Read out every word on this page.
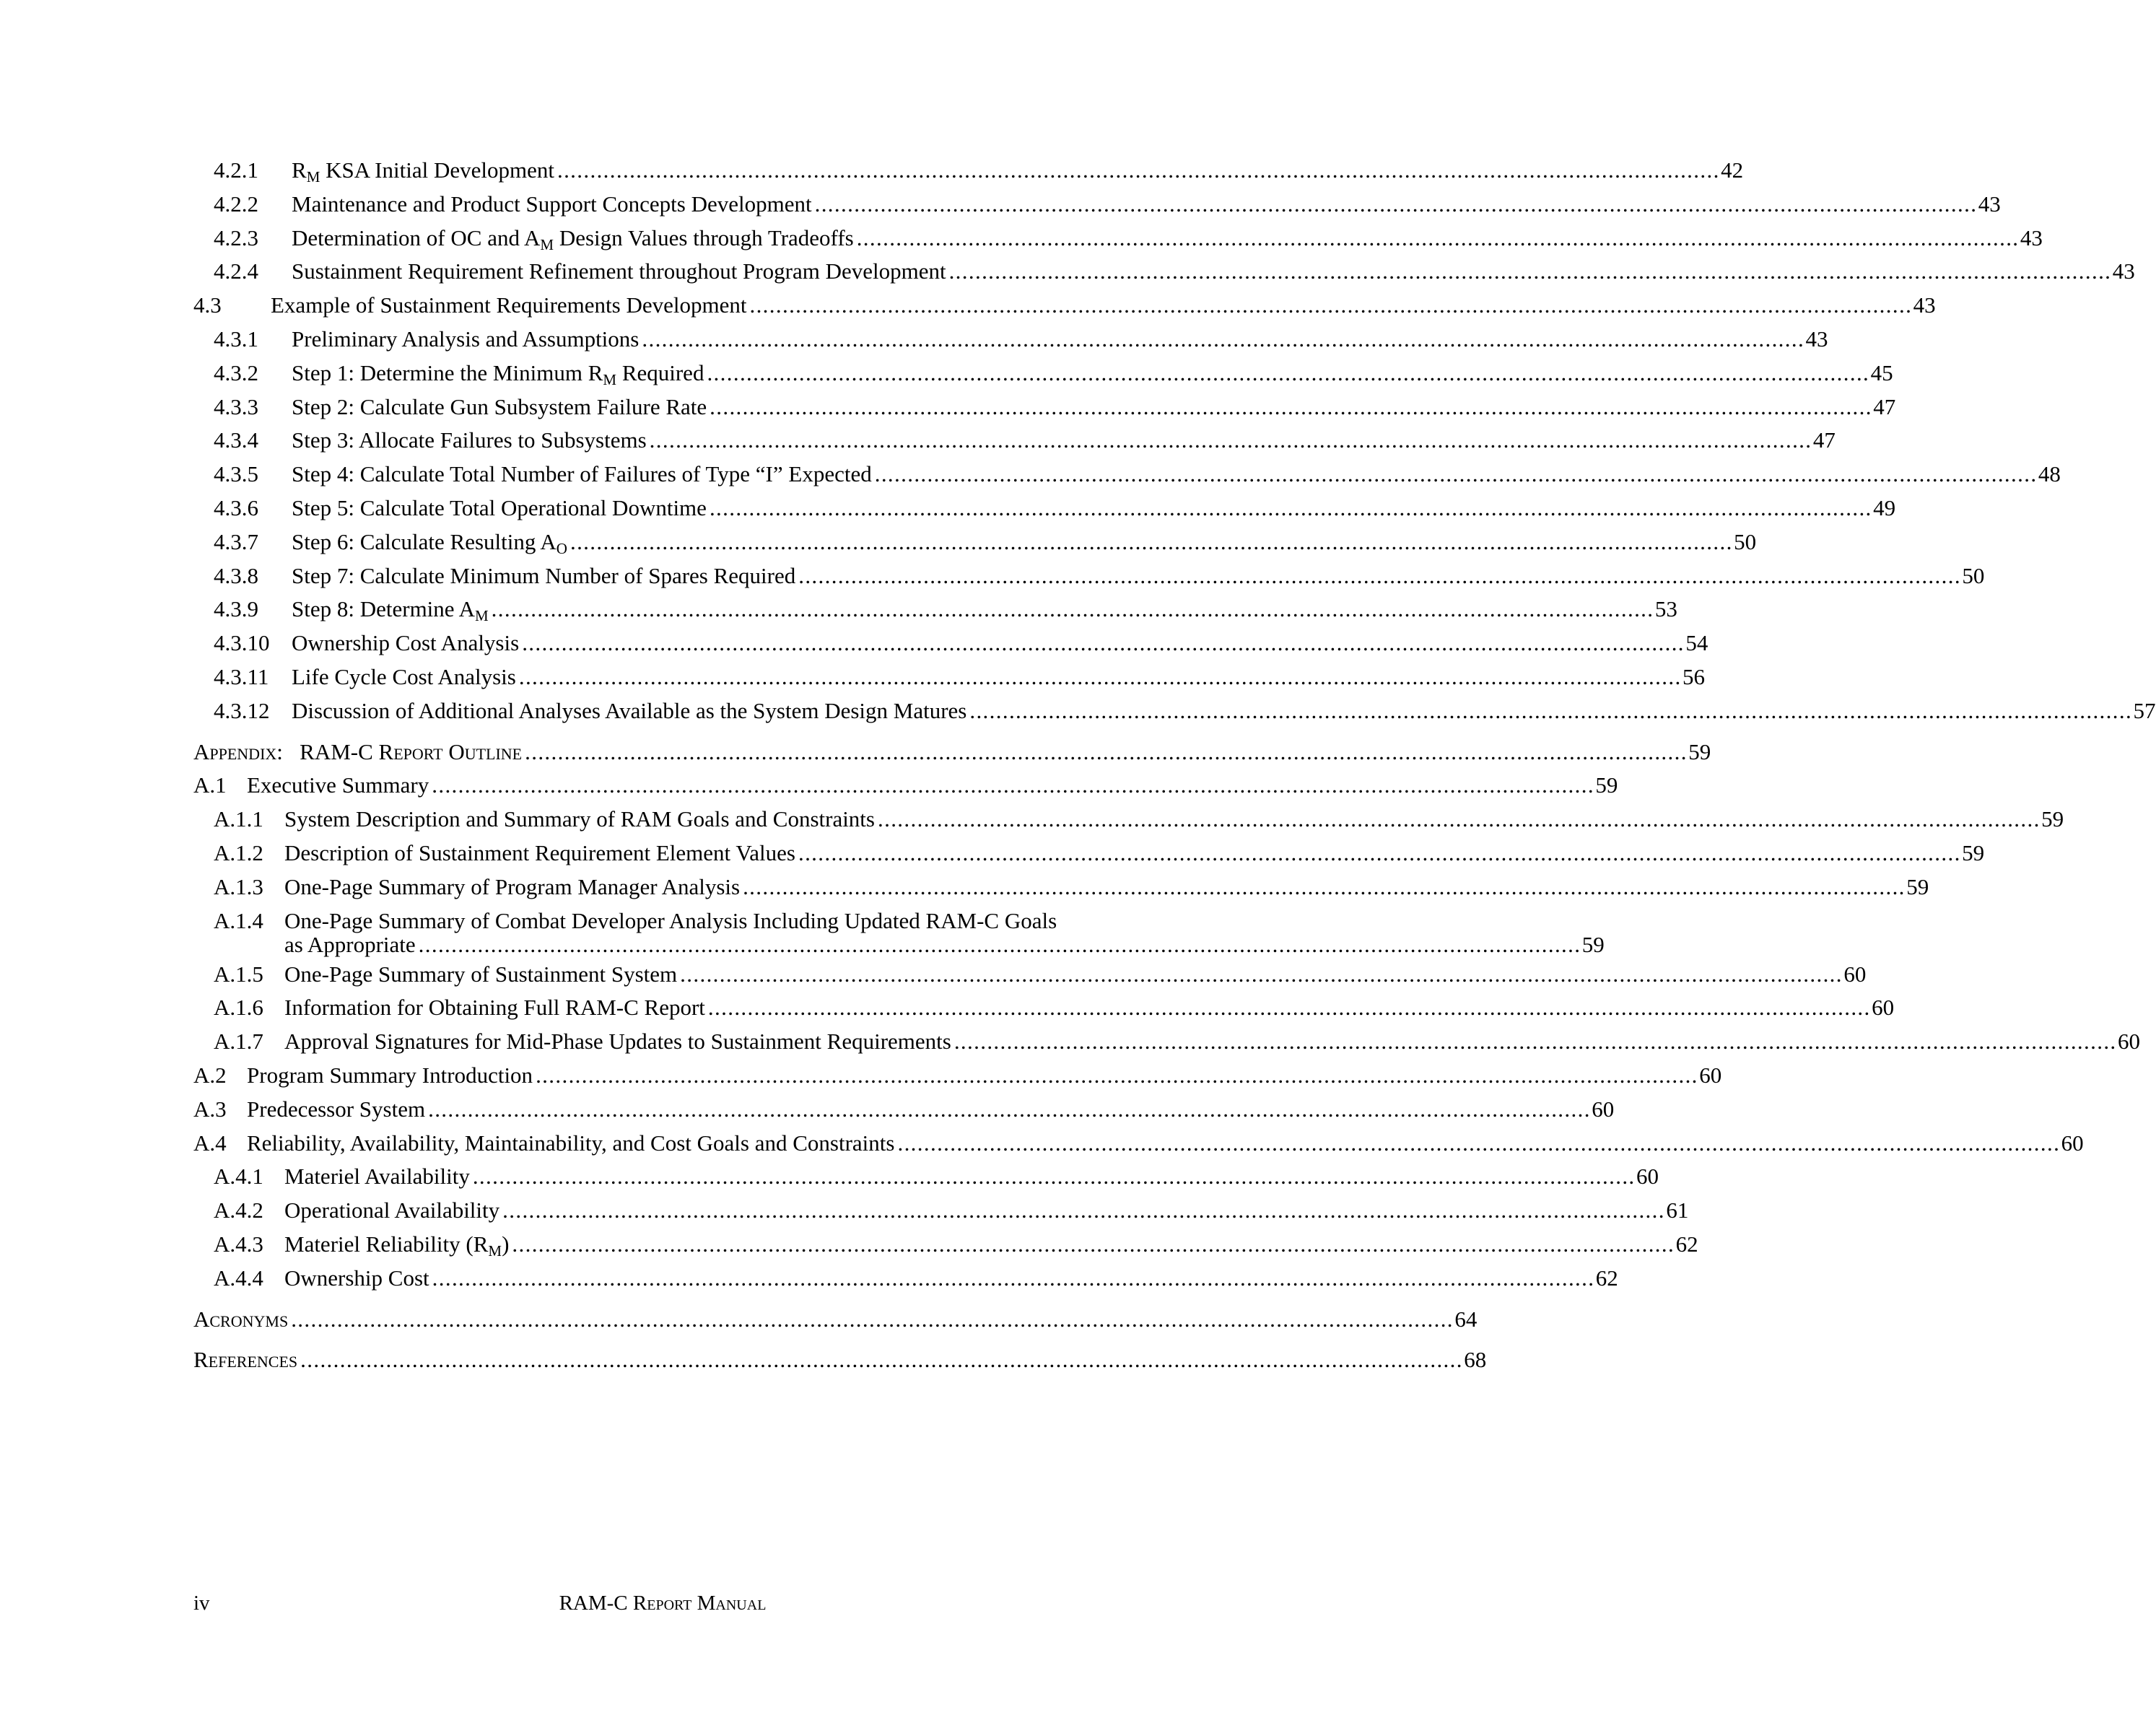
4.2.1	$R_M$ KSA Initial Development . . .	42
4.2.2	Maintenance and Product Support Concepts Development . . .	43
4.2.3	Determination of OC and $A_M$ Design Values through Tradeoffs . . .	43
4.2.4	Sustainment Requirement Refinement throughout Program Development . . .	43
4.3	Example of Sustainment Requirements Development . . .	43
4.3.1	Preliminary Analysis and Assumptions . . .	43
4.3.2	Step 1: Determine the Minimum $R_M$ Required . . .	45
4.3.3	Step 2: Calculate Gun Subsystem Failure Rate . . .	47
4.3.4	Step 3: Allocate Failures to Subsystems . . .	47
4.3.5	Step 4: Calculate Total Number of Failures of Type “I” Expected . . .	48
4.3.6	Step 5: Calculate Total Operational Downtime . . .	49
4.3.7	Step 6: Calculate Resulting $A_O$ . . .	50
4.3.8	Step 7: Calculate Minimum Number of Spares Required . . .	50
4.3.9	Step 8: Determine $A_M$ . . .	53
4.3.10 Ownership Cost Analysis . . .	54
4.3.11	Life Cycle Cost Analysis . . .	56
4.3.12 Discussion of Additional Analyses Available as the System Design Matures . . .	57
Appendix: RAM-C Report Outline . . .	59
A.1 Executive Summary . . .	59
A.1.1 System Description and Summary of RAM Goals and Constraints . . .	59
A.1.2 Description of Sustainment Requirement Element Values . . .	59
A.1.3 One-Page Summary of Program Manager Analysis . . .	59
A.1.4 One-Page Summary of Combat Developer Analysis Including Updated RAM-C Goals
as Appropriate . . .	59
A.1.5 One-Page Summary of Sustainment System . . .	60
A.1.6 Information for Obtaining Full RAM-C Report . . .	60
A.1.7 Approval Signatures for Mid-Phase Updates to Sustainment Requirements . . .	60
A.2 Program Summary Introduction . . .	60
A.3 Predecessor System . . .	60
A.4 Reliability, Availability, Maintainability, and Cost Goals and Constraints . . .	60
A.4.1 Materiel Availability . . .	60
A.4.2 Operational Availability . . .	61
A.4.3 Materiel Reliability $(R_M)$ . . .	62
A.4.4 Ownership Cost . . .	62
Acronyms . . .	64
References . . .	68
iv	RAM-C Report Manual
